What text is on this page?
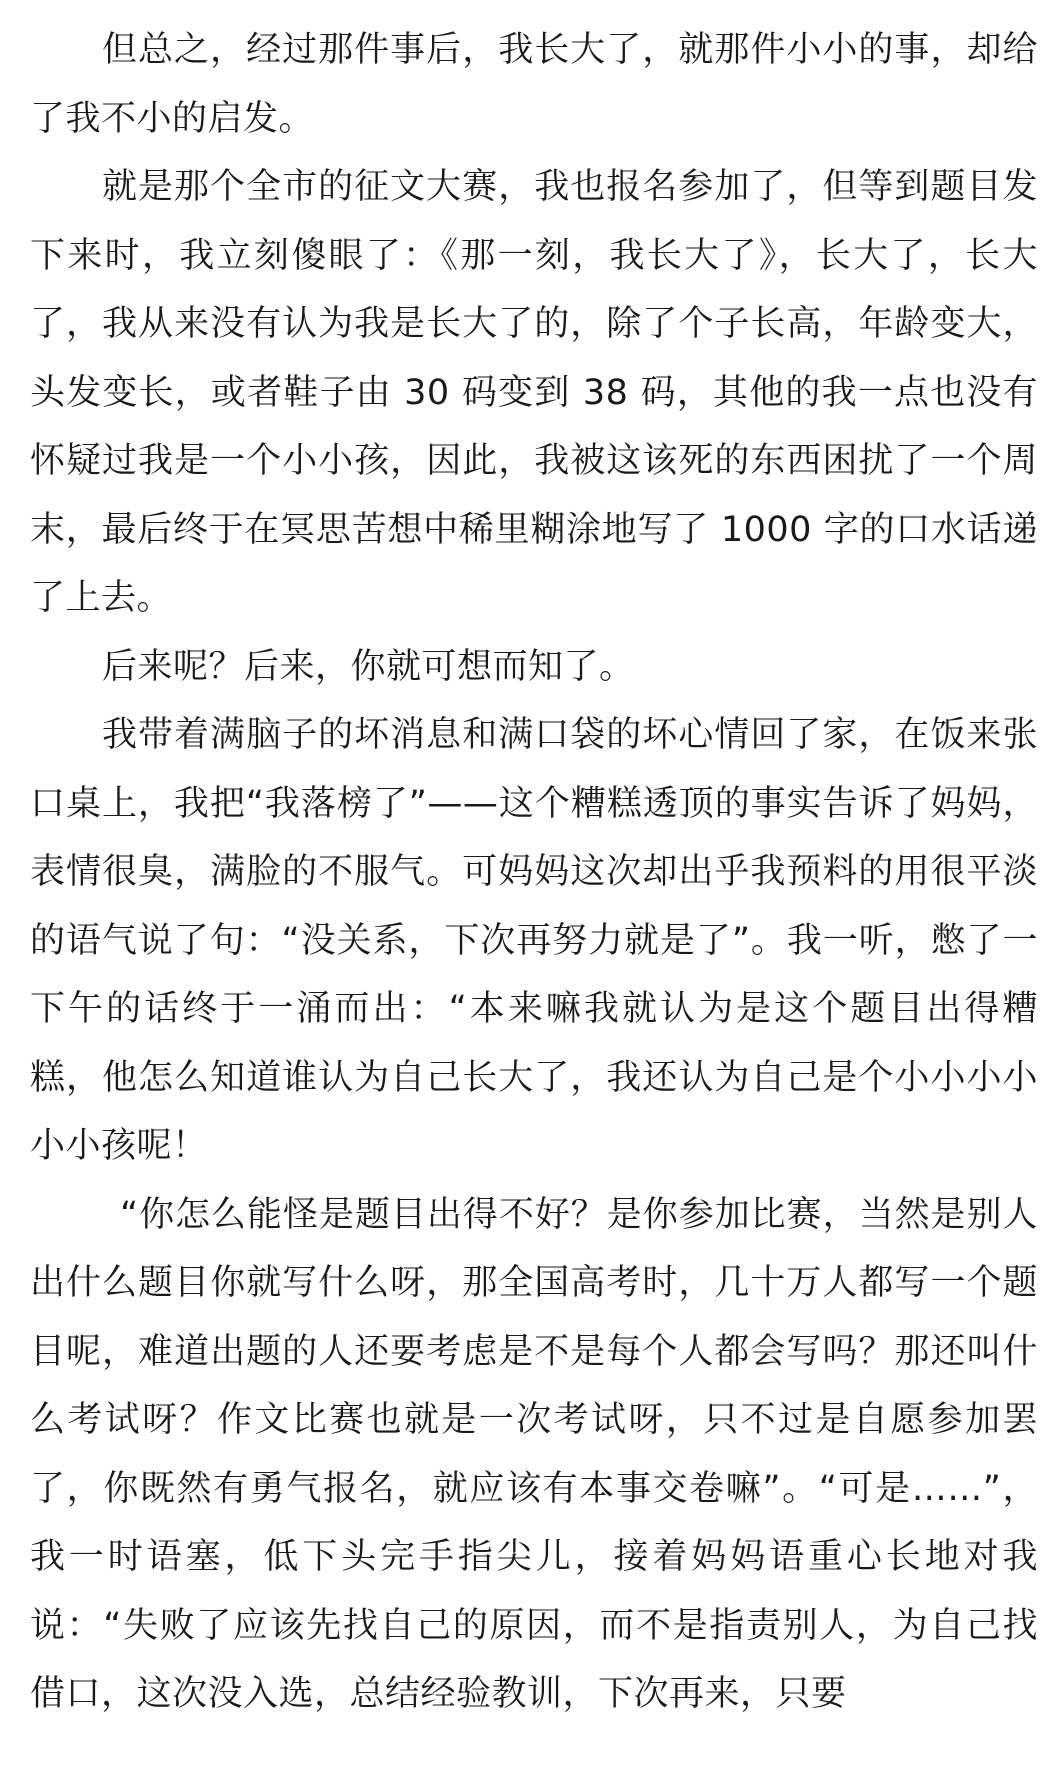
但总之，经过那件事后，我长大了，就那件小小的事，却给了我不小的启发。

就是那个全市的征文大赛，我也报名参加了，但等到题目发下来时，我立刻傻眼了：《那一刻，我长大了》，长大了，长大了，我从来没有认为我是长大了的，除了个子长高，年龄变大，头发变长，或者鞋子由 30 码变到 38 码，其他的我一点也没有怀疑过我是一个小小孩，因此，我被这该死的东西困扰了一个周末，最后终于在冥思苦想中稀里糊涂地写了 1000 字的口水话递了上去。

后来呢？后来，你就可想而知了。

我带着满脑子的坏消息和满口袋的坏心情回了家，在饭来张口桌上，我把“我落榜了”——这个糟糕透顶的事实告诉了妈妈，表情很臭，满脸的不服气。可妈妈这次却出乎我预料的用很平淡的语气说了句：“没关系，下次再努力就是了”。我一听，憋了一下午的话终于一涌而出：“本来嘛我就认为是这个题目出得糟糕，他怎么知道谁认为自己长大了，我还认为自己是个小小小小小小孩呢！

“你怎么能怪是题目出得不好？是你参加比赛，当然是别人出什么题目你就写什么呀，那全国高考时，几十万人都写一个题目呢，难道出题的人还要考虑是不是每个人都会写吗？那还叫什么考试呀？作文比赛也就是一次考试呀，只不过是自愿参加罢了，你既然有勇气报名，就应该有本事交卷嘛”。“可是……”，我一时语塞，低下头完手指尖儿，接着妈妈语重心长地对我说：“失败了应该先找自己的原因，而不是指责别人，为自己找借口，这次没入选，总结经验教训，下次再来，只要
